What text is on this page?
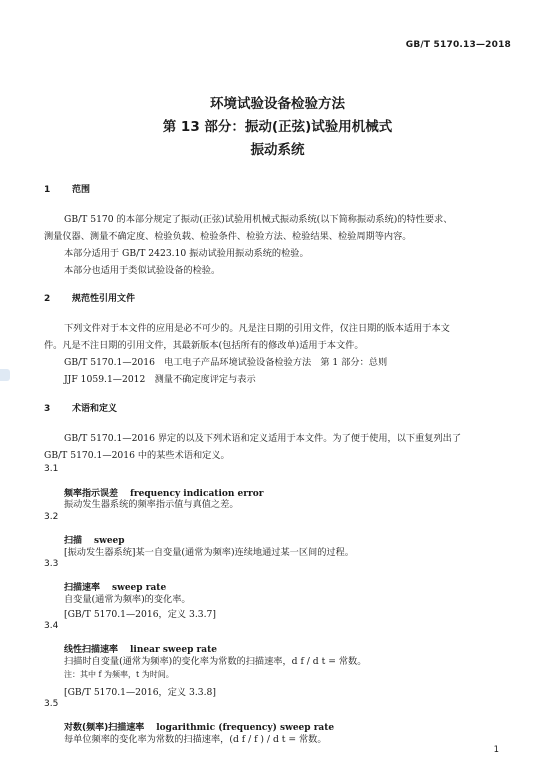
GB/T 5170.13—2018
环境试验设备检验方法
第 13 部分：振动(正弦)试验用机械式
振动系统
1 范围
GB/T 5170 的本部分规定了振动(正弦)试验用机械式振动系统(以下简称振动系统)的特性要求、
测量仪器、测量不确定度、检验负载、检验条件、检验方法、检验结果、检验周期等内容。
本部分适用于 GB/T 2423.10 振动试验用振动系统的检验。
本部分也适用于类似试验设备的检验。
2 规范性引用文件
下列文件对于本文件的应用是必不可少的。凡是注日期的引用文件，仅注日期的版本适用于本文
件。凡是不注日期的引用文件，其最新版本(包括所有的修改单)适用于本文件。
GB/T 5170.1—2016　电工电子产品环境试验设备检验方法　第 1 部分：总则
JJF 1059.1—2012　测量不确定度评定与表示
3 术语和定义
GB/T 5170.1—2016 界定的以及下列术语和定义适用于本文件。为了便于使用，以下重复列出了
GB/T 5170.1—2016 中的某些术语和定义。
3.1
频率指示误差 frequency indication error
振动发生器系统的频率指示值与真值之差。
3.2
扫描 sweep
[振动发生器系统]某一自变量(通常为频率)连续地通过某一区间的过程。
3.3
扫描速率 sweep rate
自变量(通常为频率)的变化率。
[GB/T 5170.1—2016，定义 3.3.7]
3.4
线性扫描速率 linear sweep rate
扫描时自变量(通常为频率)的变化率为常数的扫描速率，d f / d t = 常数。
注：其中 f 为频率，t 为时间。
[GB/T 5170.1—2016，定义 3.3.8]
3.5
对数(频率)扫描速率 logarithmic (frequency) sweep rate
每单位频率的变化率为常数的扫描速率，(d f / f ) / d t = 常数。
1
